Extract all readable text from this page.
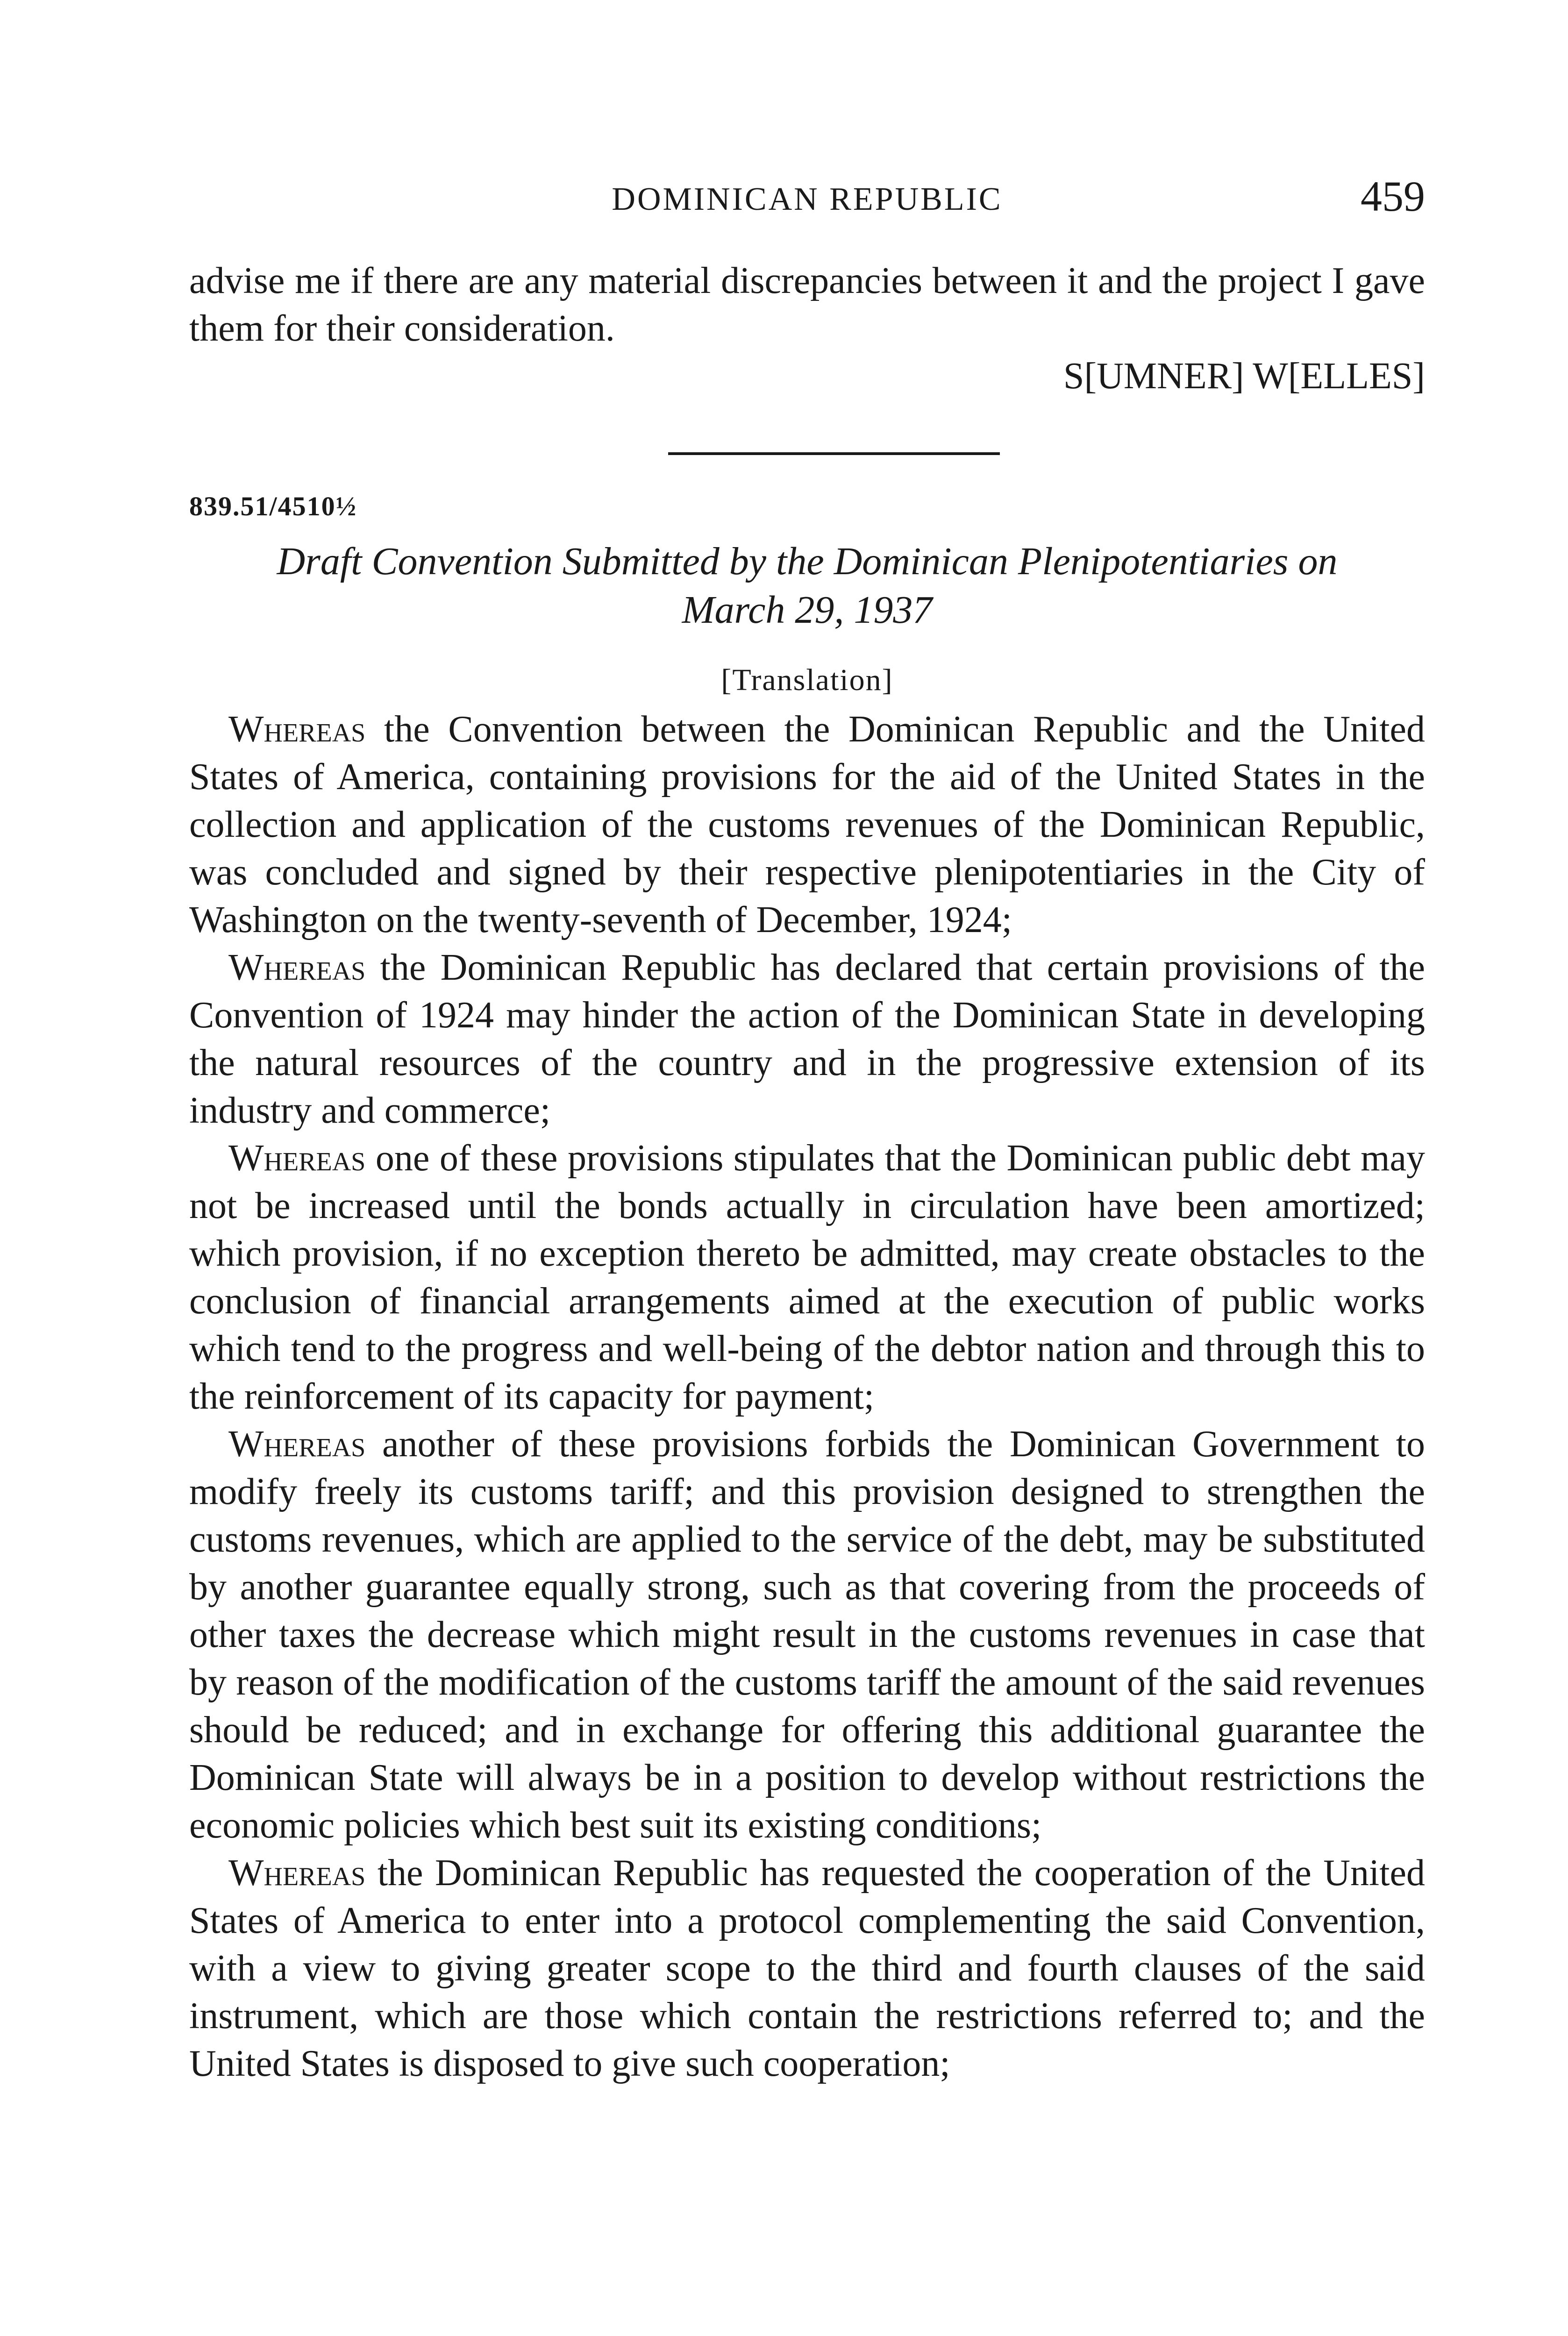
DOMINICAN REPUBLIC	459

advise me if there are any material discrepancies between it and the project I gave them for their consideration.

S[UMNER] W[ELLES]
839.51/4510½
Draft Convention Submitted by the Dominican Plenipotentiaries on
March 29, 1937
[Translation]

Whereas the Convention between the Dominican Republic and the United States of America, containing provisions for the aid of the United States in the collection and application of the customs revenues of the Dominican Republic, was concluded and signed by their respective plenipotentiaries in the City of Washington on the twenty-seventh of December, 1924;

Whereas the Dominican Republic has declared that certain provisions of the Convention of 1924 may hinder the action of the Dominican State in developing the natural resources of the country and in the progressive extension of its industry and commerce;

Whereas one of these provisions stipulates that the Dominican public debt may not be increased until the bonds actually in circulation have been amortized; which provision, if no exception thereto be admitted, may create obstacles to the conclusion of financial arrangements aimed at the execution of public works which tend to the progress and well-being of the debtor nation and through this to the reinforcement of its capacity for payment;

Whereas another of these provisions forbids the Dominican Government to modify freely its customs tariff; and this provision designed to strengthen the customs revenues, which are applied to the service of the debt, may be substituted by another guarantee equally strong, such as that covering from the proceeds of other taxes the decrease which might result in the customs revenues in case that by reason of the modification of the customs tariff the amount of the said revenues should be reduced; and in exchange for offering this additional guarantee the Dominican State will always be in a position to develop without restrictions the economic policies which best suit its existing conditions;

Whereas the Dominican Republic has requested the cooperation of the United States of America to enter into a protocol complementing the said Convention, with a view to giving greater scope to the third and fourth clauses of the said instrument, which are those which contain the restrictions referred to; and the United States is disposed to give such cooperation;
